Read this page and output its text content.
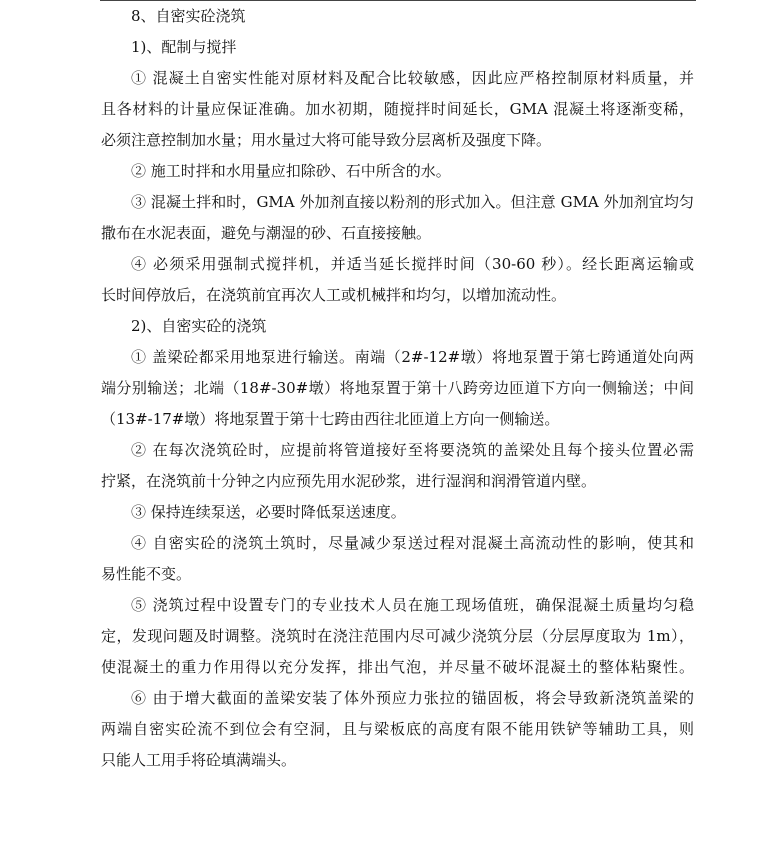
8、自密实砼浇筑
1)、配制与搅拌
① 混凝土自密实性能对原材料及配合比较敏感，因此应严格控制原材料质量，并
且各材料的计量应保证准确。加水初期，随搅拌时间延长，GMA 混凝土将逐渐变稀，
必须注意控制加水量；用水量过大将可能导致分层离析及强度下降。
② 施工时拌和水用量应扣除砂、石中所含的水。
③ 混凝土拌和时，GMA 外加剂直接以粉剂的形式加入。但注意 GMA 外加剂宜均匀
撒布在水泥表面，避免与潮湿的砂、石直接接触。
④ 必须采用强制式搅拌机，并适当延长搅拌时间（30-60 秒）。经长距离运输或
长时间停放后，在浇筑前宜再次人工或机械拌和均匀，以增加流动性。
2)、自密实砼的浇筑
① 盖梁砼都采用地泵进行输送。南端（2#-12#墩）将地泵置于第七跨通道处向两
端分别输送；北端（18#-30#墩）将地泵置于第十八跨旁边匝道下方向一侧输送；中间
（13#-17#墩）将地泵置于第十七跨由西往北匝道上方向一侧输送。
② 在每次浇筑砼时，应提前将管道接好至将要浇筑的盖梁处且每个接头位置必需
拧紧，在浇筑前十分钟之内应预先用水泥砂浆，进行湿润和润滑管道内壁。
③ 保持连续泵送，必要时降低泵送速度。
④ 自密实砼的浇筑土筑时，尽量减少泵送过程对混凝土高流动性的影响，使其和
易性能不变。
⑤ 浇筑过程中设置专门的专业技术人员在施工现场值班，确保混凝土质量均匀稳
定，发现问题及时调整。浇筑时在浇注范围内尽可减少浇筑分层（分层厚度取为 1m），
使混凝土的重力作用得以充分发挥，排出气泡，并尽量不破坏混凝土的整体粘聚性。
⑥ 由于增大截面的盖梁安装了体外预应力张拉的锚固板，将会导致新浇筑盖梁的
两端自密实砼流不到位会有空洞，且与梁板底的高度有限不能用铁铲等辅助工具，则
只能人工用手将砼填满端头。
